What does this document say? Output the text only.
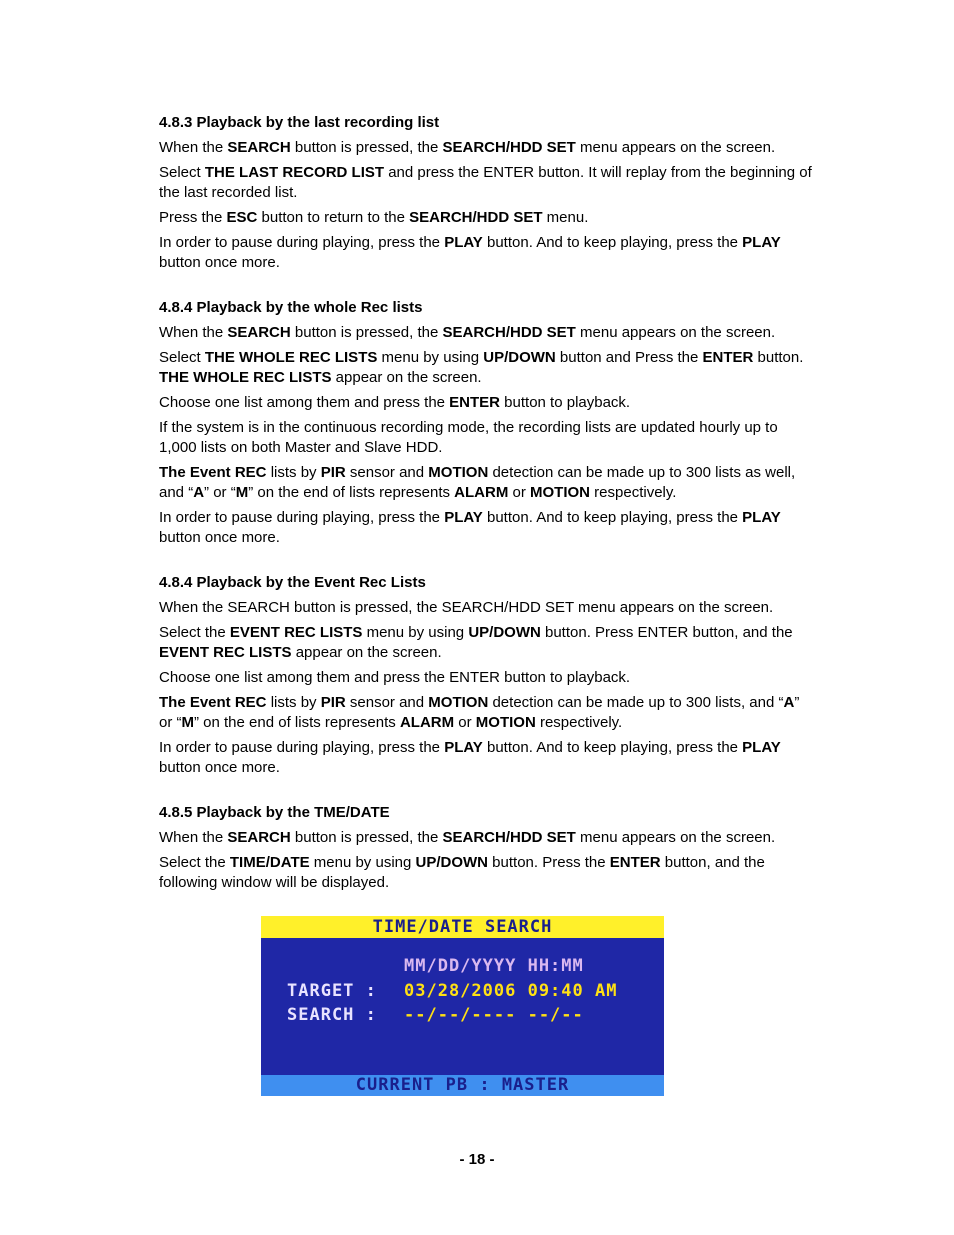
4.8.3 Playback by the last recording list
When the SEARCH button is pressed, the SEARCH/HDD SET menu appears on the screen.
Select THE LAST RECORD LIST and press the ENTER button. It will replay from the beginning of the last recorded list.
Press the ESC button to return to the SEARCH/HDD SET menu.
In order to pause during playing, press the PLAY button. And to keep playing, press the PLAY button once more.
4.8.4 Playback by the whole Rec lists
When the SEARCH button is pressed, the SEARCH/HDD SET menu appears on the screen.
Select THE WHOLE REC LISTS menu by using UP/DOWN button and Press the ENTER button. THE WHOLE REC LISTS appear on the screen.
Choose one list among them and press the ENTER button to playback.
If the system is in the continuous recording mode, the recording lists are updated hourly up to 1,000 lists on both Master and Slave HDD.
The Event REC lists by PIR sensor and MOTION detection can be made up to 300 lists as well, and “A” or “M” on the end of lists represents ALARM or MOTION respectively.
In order to pause during playing, press the PLAY button. And to keep playing, press the PLAY button once more.
4.8.4 Playback by the Event Rec Lists
When the SEARCH button is pressed, the SEARCH/HDD SET menu appears on the screen.
Select the EVENT REC LISTS menu by using UP/DOWN button. Press ENTER button, and the EVENT REC LISTS appear on the screen.
Choose one list among them and press the ENTER button to playback.
The Event REC lists by PIR sensor and MOTION detection can be made up to 300 lists, and “A” or “M” on the end of lists represents ALARM or MOTION respectively.
In order to pause during playing, press the PLAY button. And to keep playing, press the PLAY button once more.
4.8.5 Playback by the TME/DATE
When the SEARCH button is pressed, the SEARCH/HDD SET menu appears on the screen.
Select the TIME/DATE menu by using UP/DOWN button. Press the ENTER button, and the following window will be displayed.
TIME/DATE SEARCH
MM/DD/YYYY HH:MM
TARGET : 03/28/2006 09:40 AM
SEARCH : --/--/---- --/--
CURRENT PB : MASTER
- 18 -
